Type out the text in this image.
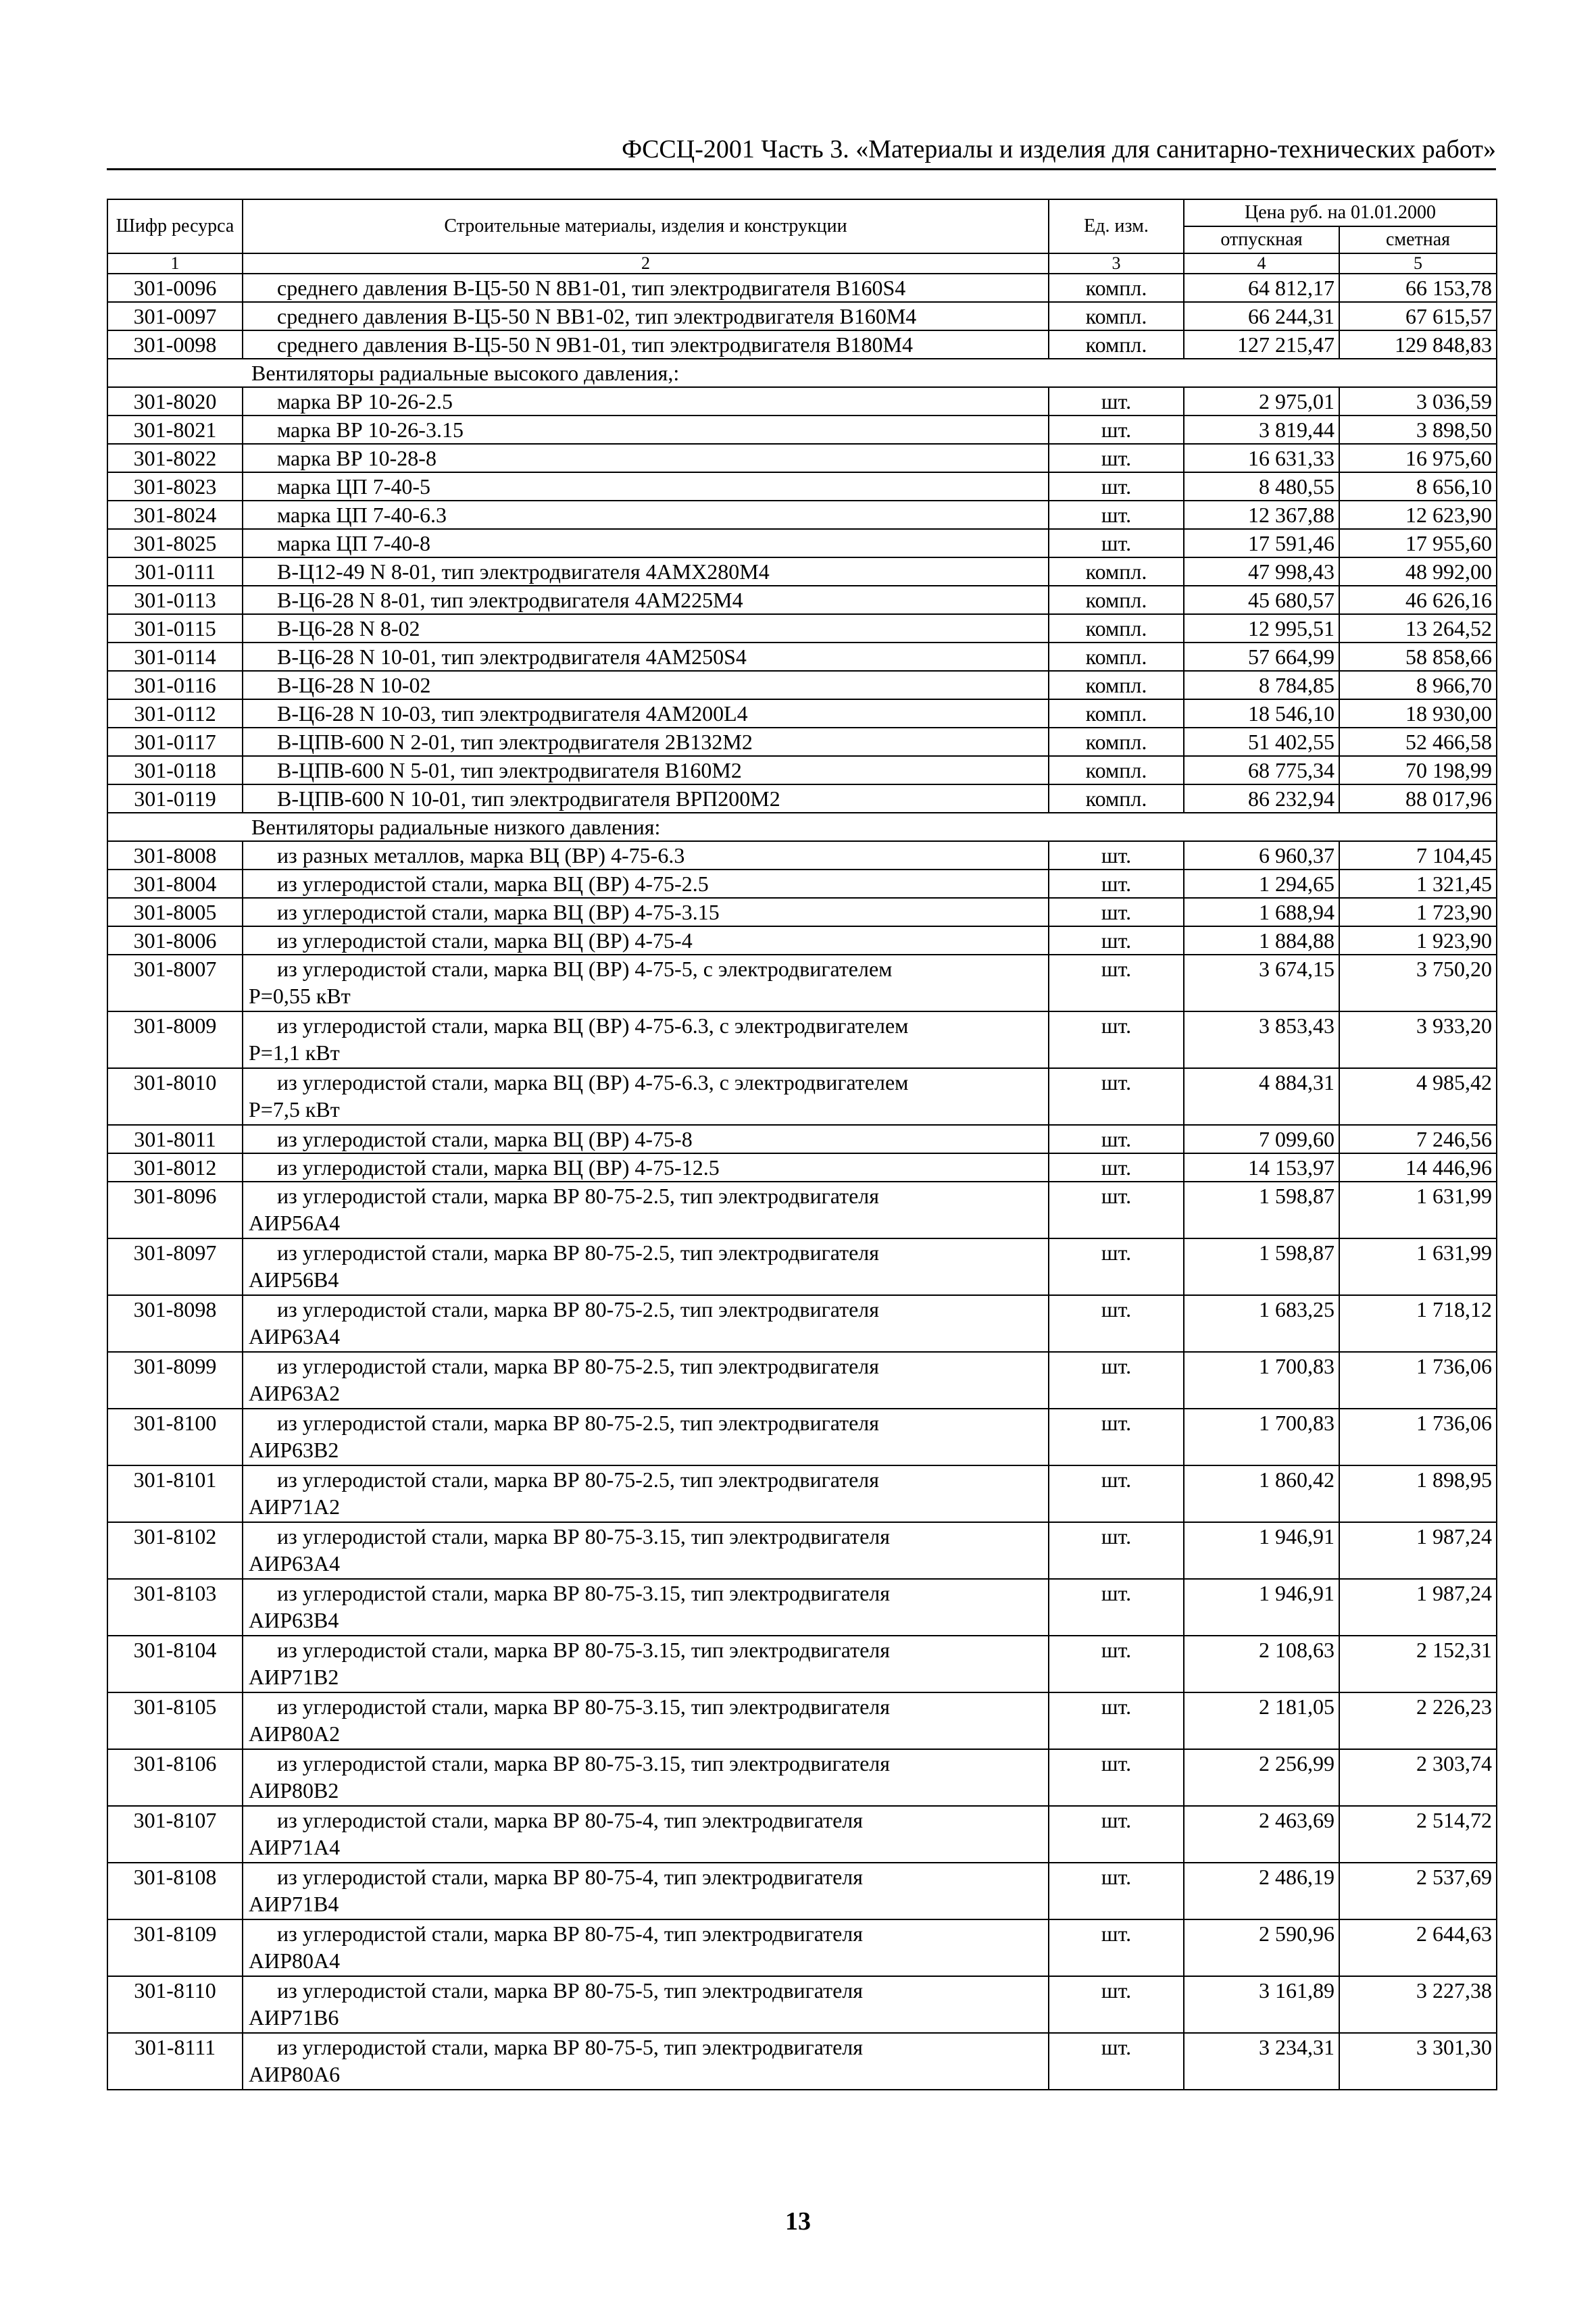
ФССЦ-2001 Часть 3. «Материалы и изделия для санитарно-технических работ»
Шифр ресурса	Строительные материалы, изделия и конструкции	Ед. изм.	Цена руб. на 01.01.2000	
			отпускная	сметная
1	2	3	4	5
301-0096	среднего давления В-Ц5-50 N 8В1-01, тип электродвигателя В160S4	компл.	64 812,17	66 153,78
301-0097	среднего давления В-Ц5-50 N ВВ1-02, тип электродвигателя В160М4	компл.	66 244,31	67 615,57
301-0098	среднего давления В-Ц5-50 N 9В1-01, тип электродвигателя В180М4	компл.	127 215,47	129 848,83
Вентиляторы радиальные высокого давления,:				
301-8020	марка ВР 10-26-2.5	шт.	2 975,01	3 036,59
301-8021	марка ВР 10-26-3.15	шт.	3 819,44	3 898,50
301-8022	марка ВР 10-28-8	шт.	16 631,33	16 975,60
301-8023	марка ЦП 7-40-5	шт.	8 480,55	8 656,10
301-8024	марка ЦП 7-40-6.3	шт.	12 367,88	12 623,90
301-8025	марка ЦП 7-40-8	шт.	17 591,46	17 955,60
301-0111	В-Ц12-49 N 8-01, тип электродвигателя 4АМХ280М4	компл.	47 998,43	48 992,00
301-0113	В-Ц6-28 N 8-01, тип электродвигателя 4АМ225М4	компл.	45 680,57	46 626,16
301-0115	В-Ц6-28 N 8-02	компл.	12 995,51	13 264,52
301-0114	В-Ц6-28 N 10-01, тип электродвигателя 4АМ250S4	компл.	57 664,99	58 858,66
301-0116	В-Ц6-28 N 10-02	компл.	8 784,85	8 966,70
301-0112	В-Ц6-28 N 10-03, тип электродвигателя 4АМ200L4	компл.	18 546,10	18 930,00
301-0117	В-ЦПВ-600 N 2-01, тип электродвигателя 2В132М2	компл.	51 402,55	52 466,58
301-0118	В-ЦПВ-600 N 5-01, тип электродвигателя В160М2	компл.	68 775,34	70 198,99
301-0119	В-ЦПВ-600 N 10-01, тип электродвигателя ВРП200М2	компл.	86 232,94	88 017,96
Вентиляторы радиальные низкого давления:				
301-8008	из разных металлов, марка ВЦ (ВР) 4-75-6.3	шт.	6 960,37	7 104,45
301-8004	из углеродистой стали, марка ВЦ (ВР) 4-75-2.5	шт.	1 294,65	1 321,45
301-8005	из углеродистой стали, марка ВЦ (ВР) 4-75-3.15	шт.	1 688,94	1 723,90
301-8006	из углеродистой стали, марка ВЦ (ВР) 4-75-4	шт.	1 884,88	1 923,90
301-8007	из углеродистой стали, марка ВЦ (ВР) 4-75-5, с электродвигателем
Р=0,55 кВт	шт.	3 674,15	3 750,20
301-8009	из углеродистой стали, марка ВЦ (ВР) 4-75-6.3, с электродвигателем
Р=1,1 кВт	шт.	3 853,43	3 933,20
301-8010	из углеродистой стали, марка ВЦ (ВР) 4-75-6.3, с электродвигателем
Р=7,5 кВт	шт.	4 884,31	4 985,42
301-8011	из углеродистой стали, марка ВЦ (ВР) 4-75-8	шт.	7 099,60	7 246,56
301-8012	из углеродистой стали, марка ВЦ (ВР) 4-75-12.5	шт.	14 153,97	14 446,96
301-8096	из углеродистой стали, марка ВР 80-75-2.5, тип электродвигателя
АИР56А4	шт.	1 598,87	1 631,99
301-8097	из углеродистой стали, марка ВР 80-75-2.5, тип электродвигателя
АИР56В4	шт.	1 598,87	1 631,99
301-8098	из углеродистой стали, марка ВР 80-75-2.5, тип электродвигателя
АИР63А4	шт.	1 683,25	1 718,12
301-8099	из углеродистой стали, марка ВР 80-75-2.5, тип электродвигателя
АИР63А2	шт.	1 700,83	1 736,06
301-8100	из углеродистой стали, марка ВР 80-75-2.5, тип электродвигателя
АИР63В2	шт.	1 700,83	1 736,06
301-8101	из углеродистой стали, марка ВР 80-75-2.5, тип электродвигателя
АИР71А2	шт.	1 860,42	1 898,95
301-8102	из углеродистой стали, марка ВР 80-75-3.15, тип электродвигателя
АИР63А4	шт.	1 946,91	1 987,24
301-8103	из углеродистой стали, марка ВР 80-75-3.15, тип электродвигателя
АИР63В4	шт.	1 946,91	1 987,24
301-8104	из углеродистой стали, марка ВР 80-75-3.15, тип электродвигателя
АИР71В2	шт.	2 108,63	2 152,31
301-8105	из углеродистой стали, марка ВР 80-75-3.15, тип электродвигателя
АИР80А2	шт.	2 181,05	2 226,23
301-8106	из углеродистой стали, марка ВР 80-75-3.15, тип электродвигателя
АИР80В2	шт.	2 256,99	2 303,74
301-8107	из углеродистой стали, марка ВР 80-75-4, тип электродвигателя
АИР71А4	шт.	2 463,69	2 514,72
301-8108	из углеродистой стали, марка ВР 80-75-4, тип электродвигателя
АИР71В4	шт.	2 486,19	2 537,69
301-8109	из углеродистой стали, марка ВР 80-75-4, тип электродвигателя
АИР80А4	шт.	2 590,96	2 644,63
301-8110	из углеродистой стали, марка ВР 80-75-5, тип электродвигателя
АИР71В6	шт.	3 161,89	3 227,38
301-8111	из углеродистой стали, марка ВР 80-75-5, тип электродвигателя
АИР80А6	шт.	3 234,31	3 301,30
13
